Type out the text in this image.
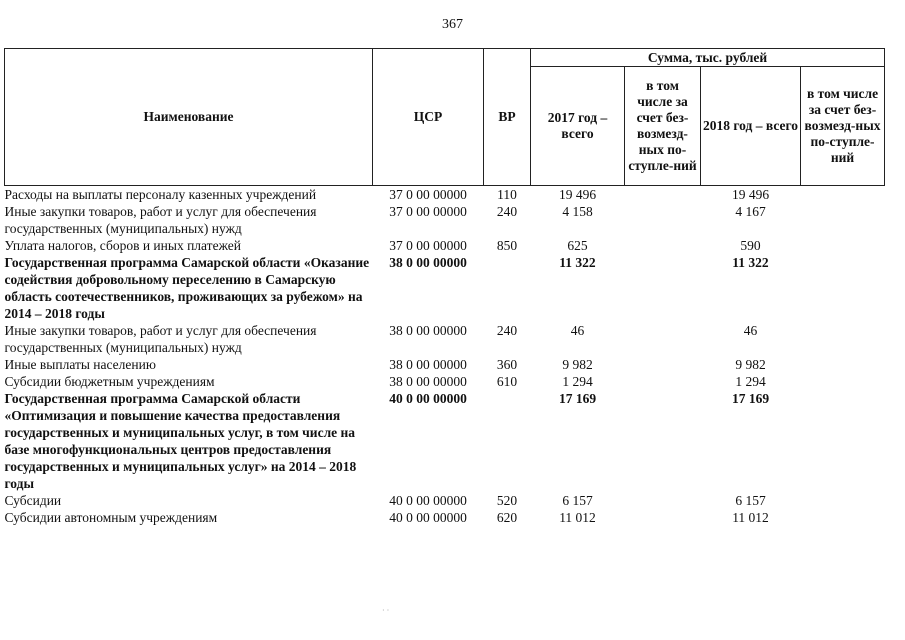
367
Наименование	ЦСР	ВР	Сумма, тыс. рублей			
			2017 год – всего	в том числе за счет без-возмезд-ных по-ступле-ний	2018 год – всего	в том числе за счет без-возмезд-ных по-ступле-ний
Расходы на выплаты персоналу казенных учреждений	37 0 00 00000	110	19 496		19 496	
Иные закупки товаров, работ и услуг для обеспечения государственных (муниципальных) нужд	37 0 00 00000	240	4 158		4 167	
Уплата налогов, сборов и иных платежей	37 0 00 00000	850	625		590	
Государственная программа Самарской области «Оказание содействия добровольному переселению в Самарскую область соотечественников, проживающих за рубежом» на 2014 – 2018 годы	38 0 00 00000		11 322		11 322	
Иные закупки товаров, работ и услуг для обеспечения государственных (муниципальных) нужд	38 0 00 00000	240	46		46	
Иные выплаты населению	38 0 00 00000	360	9 982		9 982	
Субсидии бюджетным учреждениям	38 0 00 00000	610	1 294		1 294	
Государственная программа Самарской области «Оптимизация и повышение качества предоставления государственных и муниципальных услуг, в том числе на базе многофункциональных центров предоставления государственных и муниципальных услуг» на 2014 – 2018 годы	40 0 00 00000		17 169		17 169	
Субсидии	40 0 00 00000	520	6 157		6 157	
Субсидии автономным учреждениям	40 0 00 00000	620	11 012		11 012	
· ·
